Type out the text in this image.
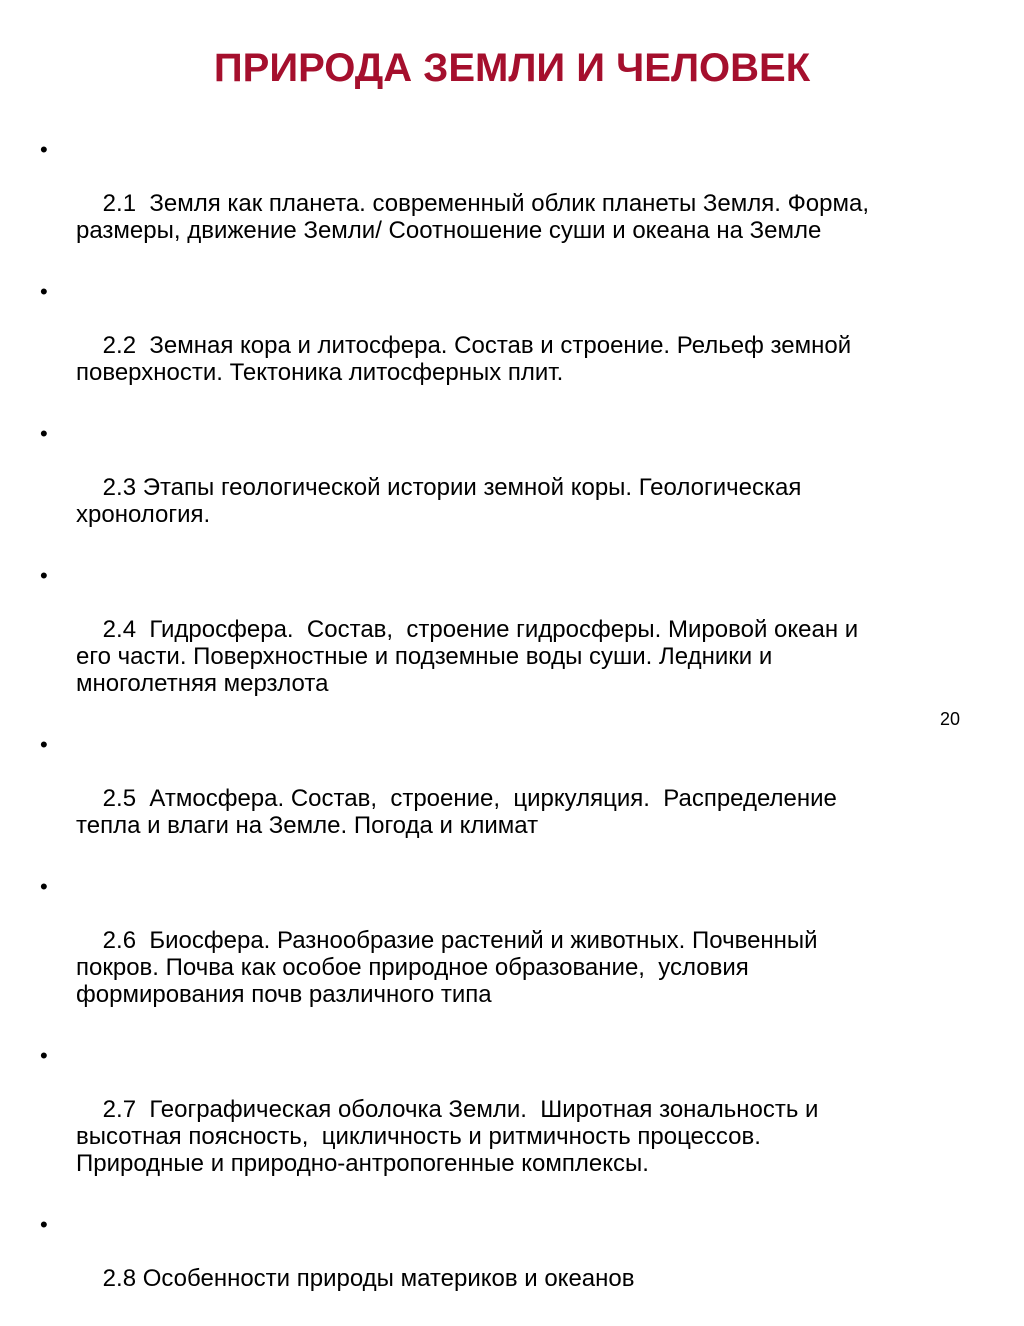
ПРИРОДА ЗЕМЛИ И ЧЕЛОВЕК

•

2.1  Земля как планета. современный облик планеты Земля. Форма,
размеры, движение Земли/ Соотношение суши и океана на Земле

•

2.2  Земная кора и литосфера. Состав и строение. Рельеф земной
поверхности. Тектоника литосферных плит.

•

2.3 Этапы геологической истории земной коры. Геологическая
хронология.

•

2.4  Гидросфера.  Состав,  строение гидросферы. Мировой океан и
его части. Поверхностные и подземные воды суши. Ледники и
многолетняя мерзлота

•

2.5  Атмосфера. Состав,  строение,  циркуляция.  Распределение
тепла и влаги на Земле. Погода и климат

•

2.6  Биосфера. Разнообразие растений и животных. Почвенный
покров. Почва как особое природное образование,  условия
формирования почв различного типа

•

2.7  Географическая оболочка Земли.  Широтная зональность и
высотная поясность,  цикличность и ритмичность процессов.
Природные и природно-антропогенные комплексы.

•

2.8 Особенности природы материков и океанов

20
